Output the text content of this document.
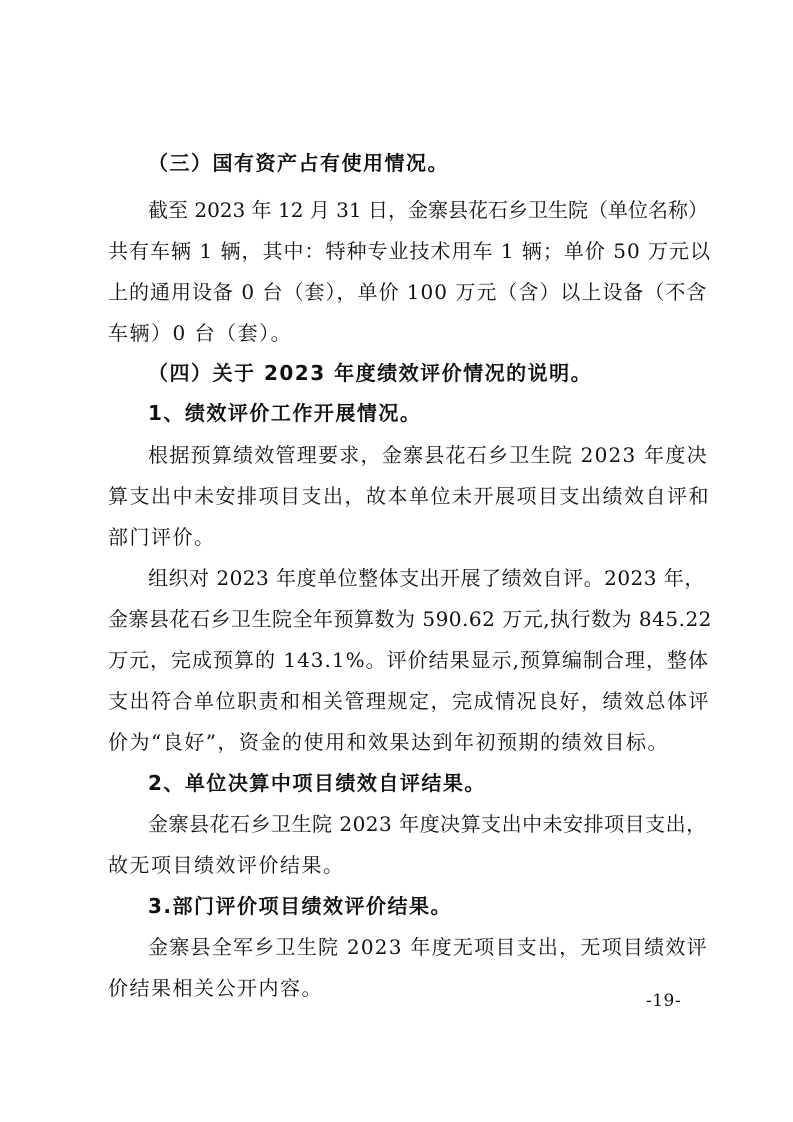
（三）国有资产占有使用情况。

截至 2023 年 12 月 31 日，金寨县花石乡卫生院（单位名称）

共有车辆 1 辆，其中：特种专业技术用车 1 辆；单价 50 万元以

上的通用设备 0 台（套），单价 100 万元（含）以上设备（不含

车辆）0 台（套）。

（四）关于 2023 年度绩效评价情况的说明。

1、绩效评价工作开展情况。

根据预算绩效管理要求，金寨县花石乡卫生院 2023 年度决

算支出中未安排项目支出，故本单位未开展项目支出绩效自评和

部门评价。

组织对 2023 年度单位整体支出开展了绩效自评。2023 年，

金寨县花石乡卫生院全年预算数为 590.62 万元,执行数为 845.22

万元，完成预算的 143.1%。评价结果显示,预算编制合理，整体

支出符合单位职责和相关管理规定，完成情况良好，绩效总体评

价为“良好”，资金的使用和效果达到年初预期的绩效目标。

2、单位决算中项目绩效自评结果。

金寨县花石乡卫生院 2023 年度决算支出中未安排项目支出，

故无项目绩效评价结果。

3.部门评价项目绩效评价结果。

金寨县全军乡卫生院 2023 年度无项目支出，无项目绩效评

价结果相关公开内容。

-19-
